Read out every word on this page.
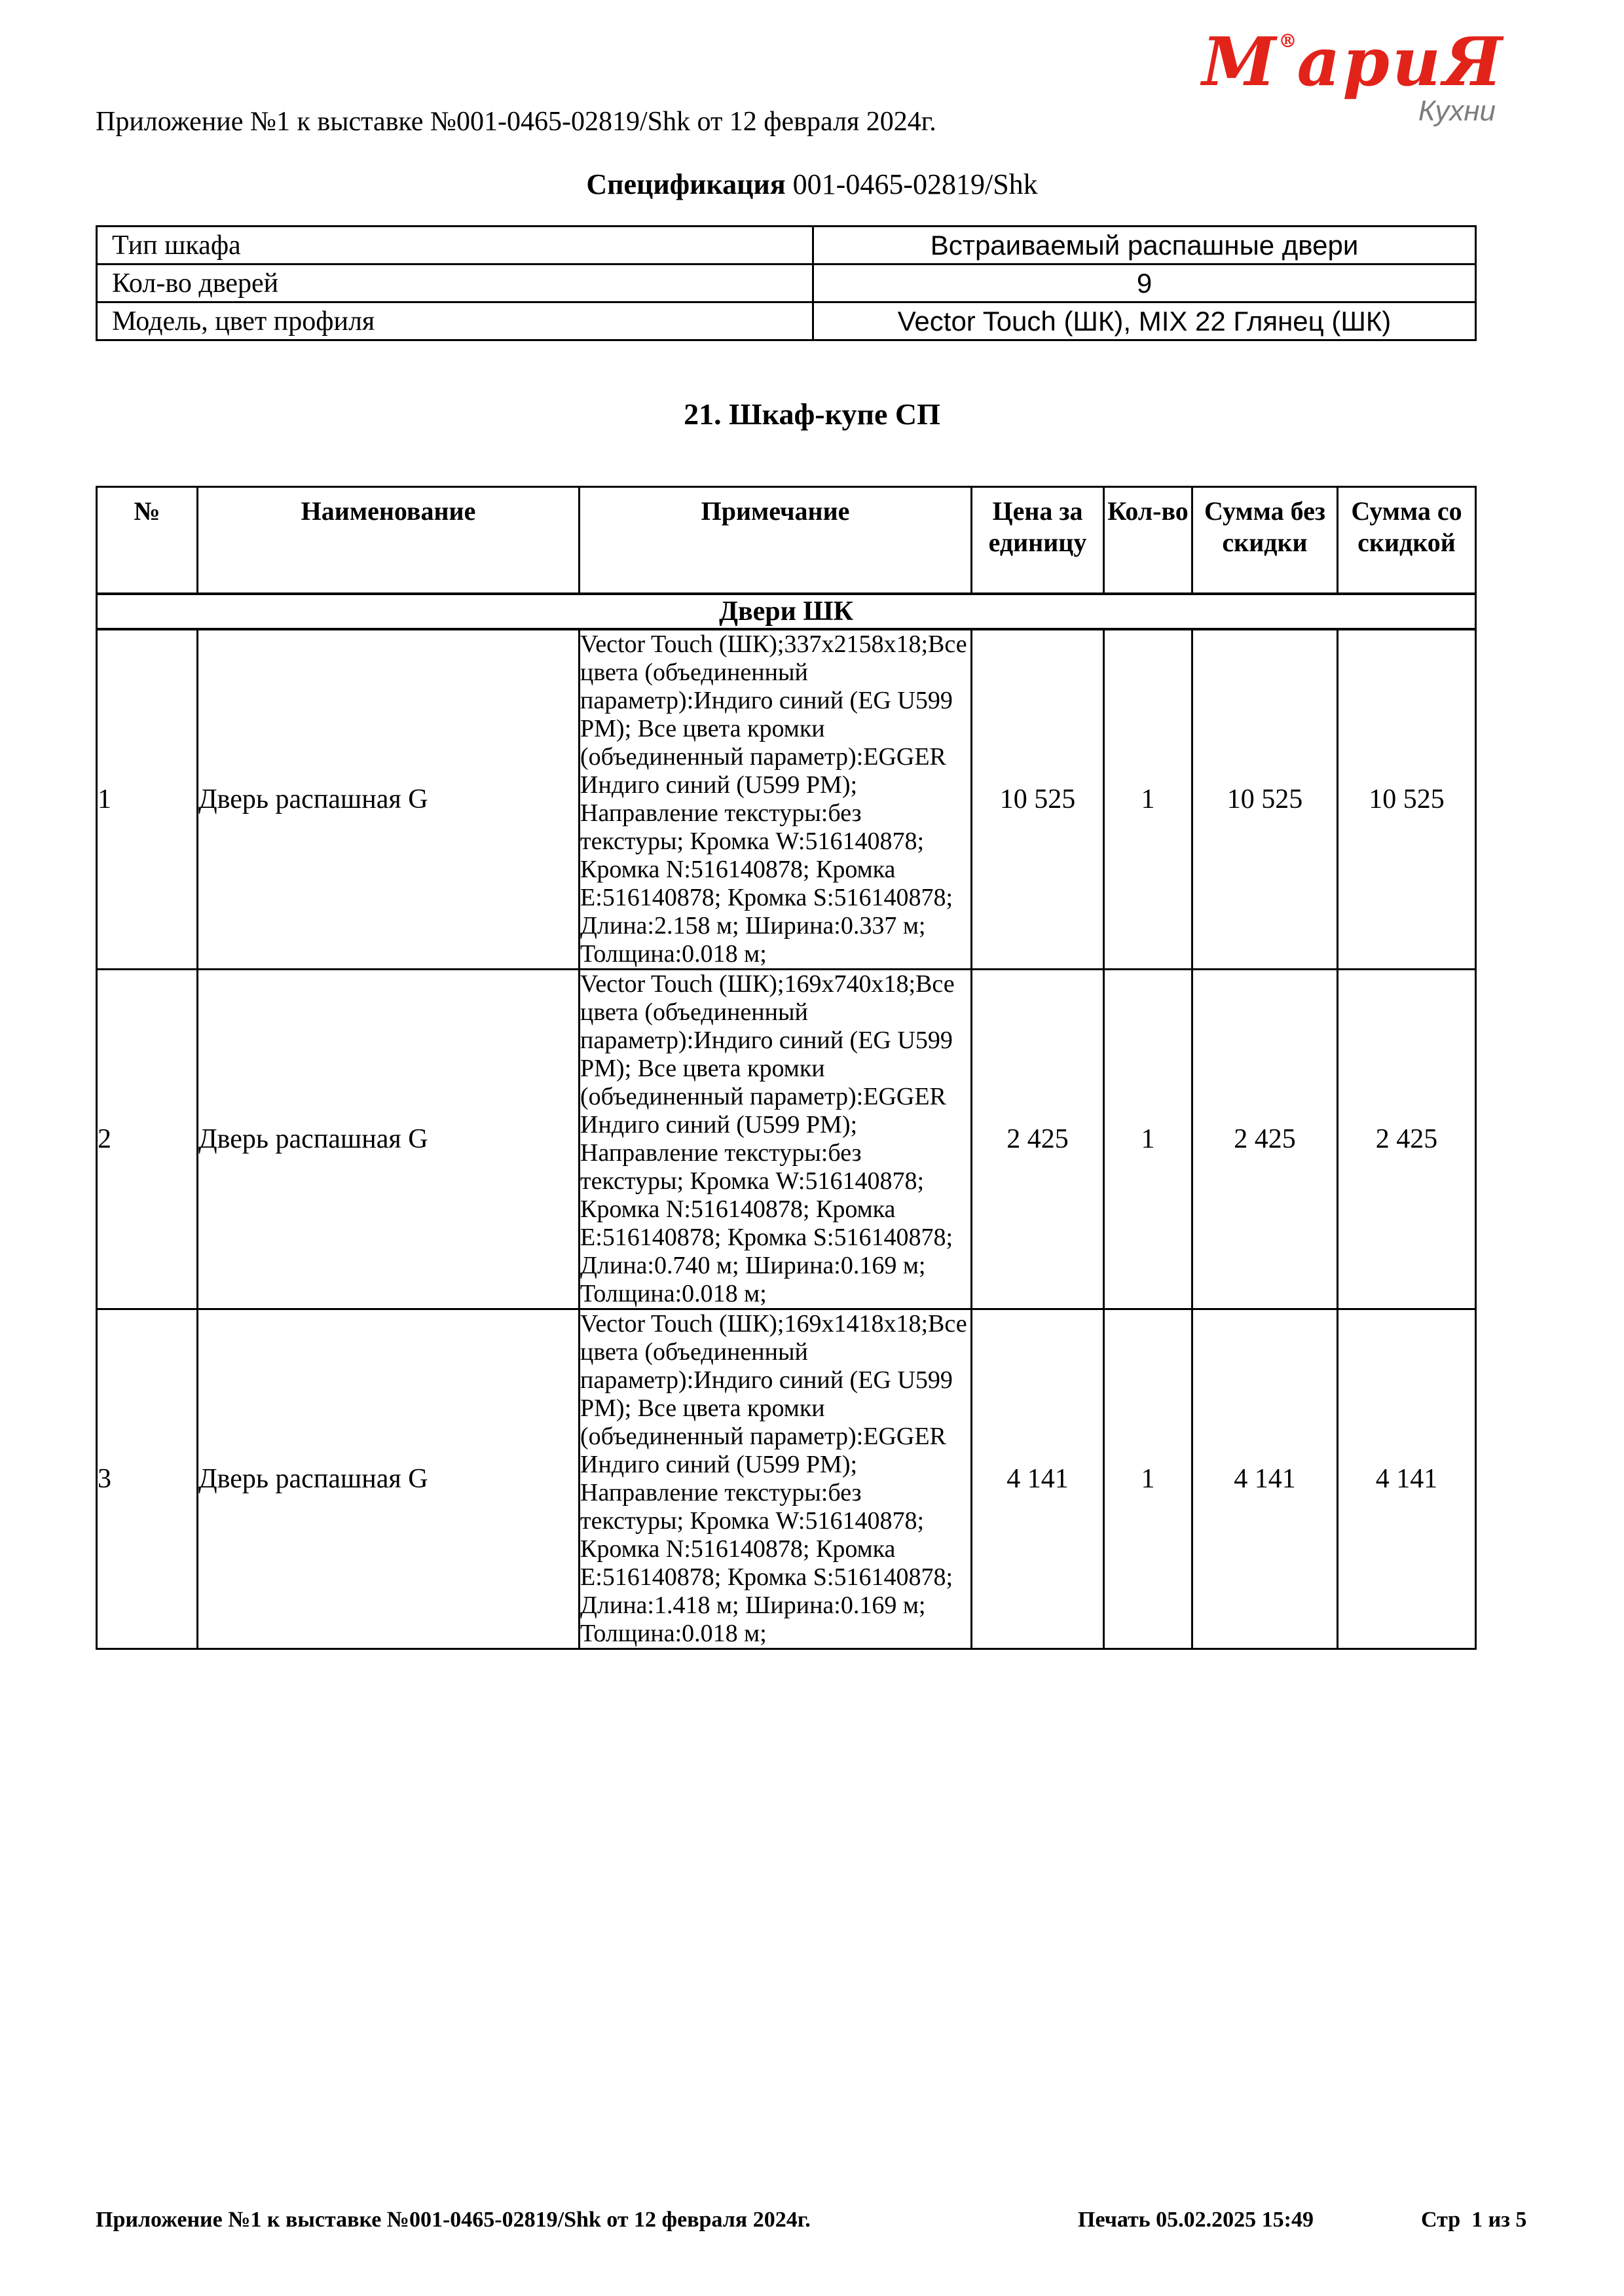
М®ариЯ
Кухни
Приложение №1 к выставке №001-0465-02819/Shk от 12 февраля 2024г.
Спецификация 001-0465-02819/Shk
Тип шкафа	Встраиваемый распашные двери
Кол-во дверей	9
Модель, цвет профиля	Vector Touch (ШК), MIX 22 Глянец (ШК)
21. Шкаф-купе СП
№	Наименование	Примечание	Цена за единицу	Кол-во	Сумма без скидки	Сумма со скидкой
Двери ШК						
1	Дверь распашная G	Vector Touch (ШК);337x2158x18;Все цвета (объединенный параметр):Индиго синий (EG U599 PM); Все цвета кромки (объединенный параметр):EGGER Индиго синий (U599 PM); Направление текстуры:без текстуры; Кромка W:516140878; Кромка N:516140878; Кромка E:516140878; Кромка S:516140878; Длина:2.158 м; Ширина:0.337 м; Толщина:0.018 м;	10 525	1	10 525	10 525
2	Дверь распашная G	Vector Touch (ШК);169x740x18;Все цвета (объединенный параметр):Индиго синий (EG U599 PM); Все цвета кромки (объединенный параметр):EGGER Индиго синий (U599 PM); Направление текстуры:без текстуры; Кромка W:516140878; Кромка N:516140878; Кромка E:516140878; Кромка S:516140878; Длина:0.740 м; Ширина:0.169 м; Толщина:0.018 м;	2 425	1	2 425	2 425
3	Дверь распашная G	Vector Touch (ШК);169x1418x18;Все цвета (объединенный параметр):Индиго синий (EG U599 PM); Все цвета кромки (объединенный параметр):EGGER Индиго синий (U599 PM); Направление текстуры:без текстуры; Кромка W:516140878; Кромка N:516140878; Кромка E:516140878; Кромка S:516140878; Длина:1.418 м; Ширина:0.169 м; Толщина:0.018 м;	4 141	1	4 141	4 141
Приложение №1 к выставке №001-0465-02819/Shk от 12 февраля 2024г.	Печать 05.02.2025 15:49	Стр  1 из 5
